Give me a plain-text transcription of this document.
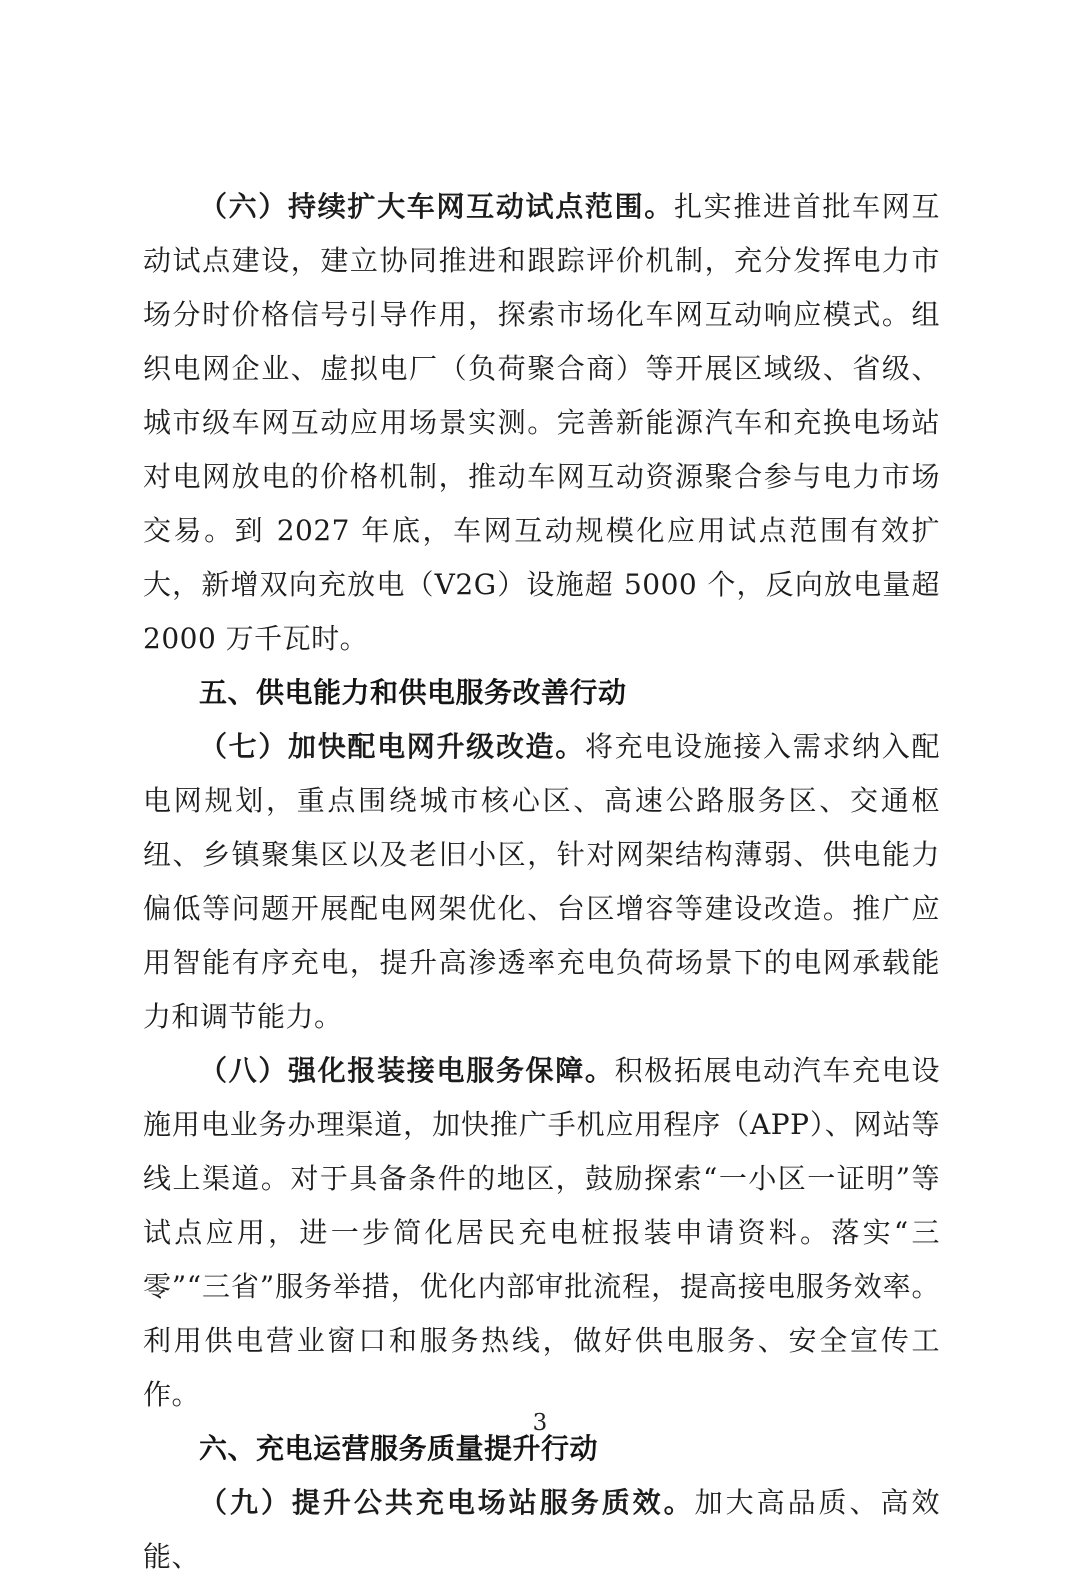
（六）持续扩大车网互动试点范围。扎实推进首批车网互动试点建设，建立协同推进和跟踪评价机制，充分发挥电力市场分时价格信号引导作用，探索市场化车网互动响应模式。组织电网企业、虚拟电厂（负荷聚合商）等开展区域级、省级、城市级车网互动应用场景实测。完善新能源汽车和充换电场站对电网放电的价格机制，推动车网互动资源聚合参与电力市场交易。到 2027 年底，车网互动规模化应用试点范围有效扩大，新增双向充放电（V2G）设施超 5000 个，反向放电量超 2000 万千瓦时。

五、供电能力和供电服务改善行动

（七）加快配电网升级改造。将充电设施接入需求纳入配电网规划，重点围绕城市核心区、高速公路服务区、交通枢纽、乡镇聚集区以及老旧小区，针对网架结构薄弱、供电能力偏低等问题开展配电网架优化、台区增容等建设改造。推广应用智能有序充电，提升高渗透率充电负荷场景下的电网承载能力和调节能力。

（八）强化报装接电服务保障。积极拓展电动汽车充电设施用电业务办理渠道，加快推广手机应用程序（APP）、网站等线上渠道。对于具备条件的地区，鼓励探索“一小区一证明”等试点应用，进一步简化居民充电桩报装申请资料。落实“三零”“三省”服务举措，优化内部审批流程，提高接电服务效率。利用供电营业窗口和服务热线，做好供电服务、安全宣传工作。

六、充电运营服务质量提升行动

（九）提升公共充电场站服务质效。加大高品质、高效能、

3
